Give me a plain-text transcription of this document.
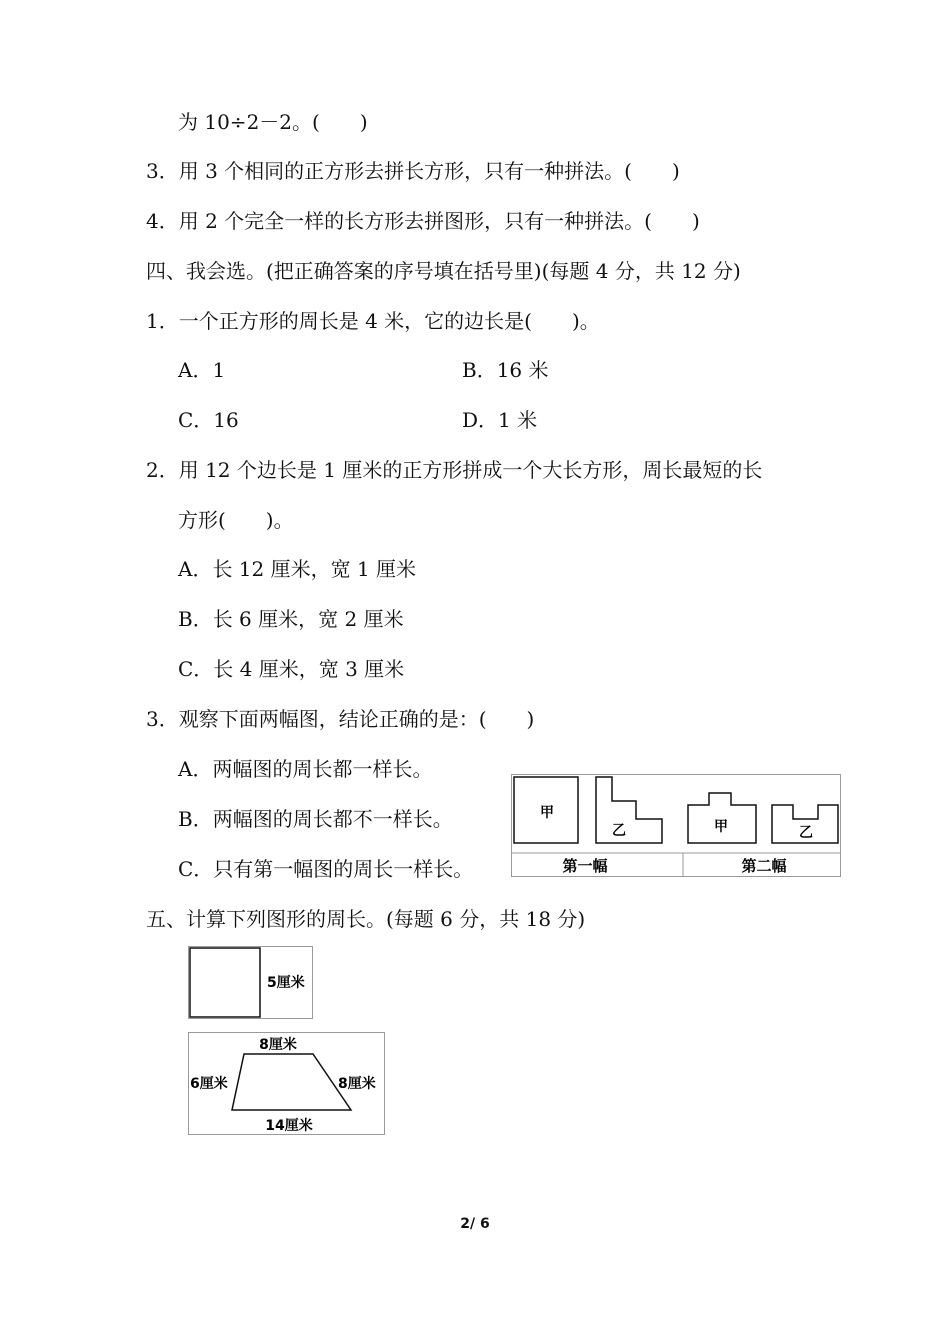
为 10÷2－2。(　　)
3．用 3 个相同的正方形去拼长方形，只有一种拼法。(　　)
4．用 2 个完全一样的长方形去拼图形，只有一种拼法。(　　)
四、我会选。(把正确答案的序号填在括号里)(每题 4 分，共 12 分)
1．一个正方形的周长是 4 米，它的边长是(　　)。
A．1	B．16 米
C．16	D．1 米
2．用 12 个边长是 1 厘米的正方形拼成一个大长方形，周长最短的长
方形(　　)。
A．长 12 厘米，宽 1 厘米
B．长 6 厘米，宽 2 厘米
C．长 4 厘米，宽 3 厘米
3．观察下面两幅图，结论正确的是：(　　)
A．两幅图的周长都一样长。
B．两幅图的周长都不一样长。
C．只有第一幅图的周长一样长。
五、计算下列图形的周长。(每题 6 分，共 18 分)
甲
乙	甲	乙
第一幅	第二幅
5厘米
8厘米
6厘米	8厘米
14厘米
2/ 6
